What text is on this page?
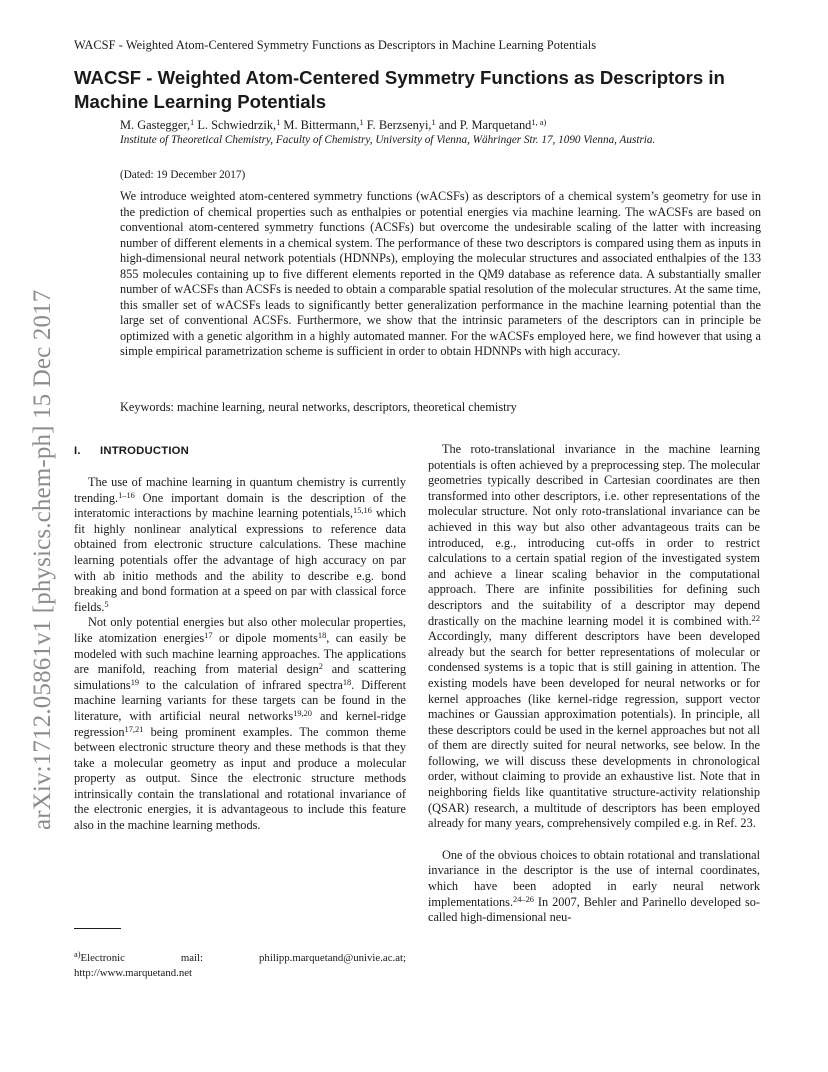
WACSF - Weighted Atom-Centered Symmetry Functions as Descriptors in Machine Learning Potentials
arXiv:1712.05861v1 [physics.chem-ph] 15 Dec 2017
WACSF - Weighted Atom-Centered Symmetry Functions as Descriptors in Machine Learning Potentials
M. Gastegger,$^1$ L. Schwiedrzik,$^1$ M. Bittermann,$^1$ F. Berzsenyi,$^1$ and P. Marquetand$^{1, a)}$
Institute of Theoretical Chemistry, Faculty of Chemistry, University of Vienna, Währinger Str. 17, 1090 Vienna, Austria.
(Dated: 19 December 2017)

We introduce weighted atom-centered symmetry functions (wACSFs) as descriptors of a chemical system’s geometry for use in the prediction of chemical properties such as enthalpies or potential energies via machine learning. The wACSFs are based on conventional atom-centered symmetry functions (ACSFs) but overcome the undesirable scaling of the latter with increasing number of different elements in a chemical system. The performance of these two descriptors is compared using them as inputs in high-dimensional neural network potentials (HDNNPs), employing the molecular structures and associated enthalpies of the 133 855 molecules containing up to five different elements reported in the QM9 database as reference data. A substantially smaller number of wACSFs than ACSFs is needed to obtain a comparable spatial resolution of the molecular structures. At the same time, this smaller set of wACSFs leads to significantly better generalization performance in the machine learning potential than the large set of conventional ACSFs. Furthermore, we show that the intrinsic parameters of the descriptors can in principle be optimized with a genetic algorithm in a highly automated manner. For the wACSFs employed here, we find however that using a simple empirical parametrization scheme is sufficient in order to obtain HDNNPs with high accuracy.

Keywords: machine learning, neural networks, descriptors, theoretical chemistry
I. INTRODUCTION

The use of machine learning in quantum chemistry is currently trending.$^{1-16}$ One important domain is the description of the interatomic interactions by machine learning potentials,$^{15,16}$ which fit highly nonlinear analytical expressions to reference data obtained from electronic structure calculations. These machine learning potentials offer the advantage of high accuracy on par with ab initio methods and the ability to describe e.g. bond breaking and bond formation at a speed on par with classical force fields.$^5$

Not only potential energies but also other molecular properties, like atomization energies$^{17}$ or dipole moments$^{18}$, can easily be modeled with such machine learning approaches. The applications are manifold, reaching from material design$^2$ and scattering simulations$^{19}$ to the calculation of infrared spectra$^{18}$. Different machine learning variants for these targets can be found in the literature, with artificial neural networks$^{19,20}$ and kernel-ridge regression$^{17,21}$ being prominent examples. The common theme between electronic structure theory and these methods is that they take a molecular geometry as input and produce a molecular property as output. Since the electronic structure methods intrinsically contain the translational and rotational invariance of the electronic energies, it is advantageous to include this feature also in the machine learning methods.

The roto-translational invariance in the machine learning potentials is often achieved by a preprocessing step. The molecular geometries typically described in Cartesian coordinates are then transformed into other descriptors, i.e. other representations of the molecular structure. Not only roto-translational invariance can be achieved in this way but also other advantageous traits can be introduced, e.g., introducing cut-offs in order to restrict calculations to a certain spatial region of the investigated system and achieve a linear scaling behavior in the computational approach. There are infinite possibilities for defining such descriptors and the suitability of a descriptor may depend drastically on the machine learning model it is combined with.$^{22}$ Accordingly, many different descriptors have been developed already but the search for better representations of molecular or condensed systems is a topic that is still gaining in attention. The existing models have been developed for neural networks or for kernel approaches (like kernel-ridge regression, support vector machines or Gaussian approximation potentials). In principle, all these descriptors could be used in the kernel approaches but not all of them are directly suited for neural networks, see below. In the following, we will discuss these developments in chronological order, without claiming to provide an exhaustive list. Note that in neighboring fields like quantitative structure-activity relationship (QSAR) research, a multitude of descriptors has been employed already for many years, comprehensively compiled e.g. in Ref. 23.

One of the obvious choices to obtain rotational and translational invariance in the descriptor is the use of internal coordinates, which have been adopted in early neural network implementations.$^{24-26}$ In 2007, Behler and Parinello developed so-called high-dimensional neu-

$^{a)}$Electronic	mail:	philipp.marquetand@univie.ac.at;
http://www.marquetand.net
